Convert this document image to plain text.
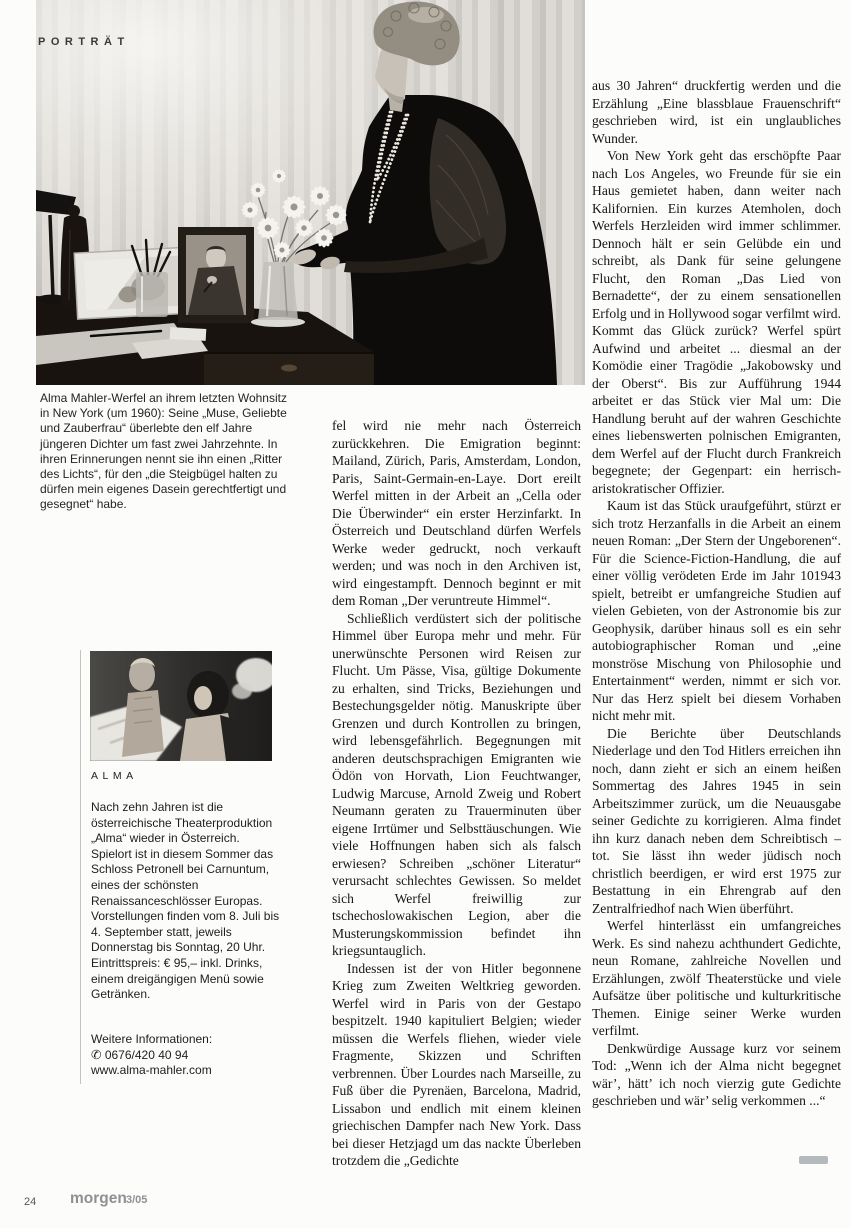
PORTRÄT
Alma Mahler-Werfel an ihrem letzten Wohnsitz in New York (um 1960): Seine „Muse, Geliebte und Zauberfrau“ überlebte den elf Jahre jüngeren Dichter um fast zwei Jahrzehnte. In ihren Erinnerungen nennt sie ihn einen „Ritter des Lichts“, für den „die Steigbügel halten zu dürfen mein eigenes Dasein gerechtfertigt und gesegnet“ habe.
ALMA

Nach zehn Jahren ist die österreichische Theaterproduktion „Alma“ wieder in Österreich. Spielort ist in diesem Sommer das Schloss Petronell bei Carnuntum, eines der schönsten Renaissanceschlösser Europas. Vorstellungen finden vom 8. Juli bis 4. September statt, jeweils Donnerstag bis Sonntag, 20 Uhr. Eintrittspreis: € 95,– inkl. Drinks, einem dreigängigen Menü sowie Getränken.

Weitere Informationen:
✆ 0676/420 40 94
www.alma-mahler.com

fel wird nie mehr nach Österreich zurückkehren. Die Emigration beginnt: Mailand, Zürich, Paris, Amsterdam, London, Paris, Saint-Germain-en-Laye. Dort ereilt Werfel mitten in der Arbeit an „Cella oder Die Überwinder“ ein erster Herzinfarkt. In Österreich und Deutschland dürfen Werfels Werke weder gedruckt, noch verkauft werden; und was noch in den Archiven ist, wird eingestampft. Dennoch beginnt er mit dem Roman „Der veruntreute Himmel“.

Schließlich verdüstert sich der politische Himmel über Europa mehr und mehr. Für unerwünschte Personen wird Reisen zur Flucht. Um Pässe, Visa, gültige Dokumente zu erhalten, sind Tricks, Beziehungen und Bestechungsgelder nötig. Manuskripte über Grenzen und durch Kontrollen zu bringen, wird lebensgefährlich. Begegnungen mit anderen deutschsprachigen Emigranten wie Ödön von Horvath, Lion Feuchtwanger, Ludwig Marcuse, Arnold Zweig und Robert Neumann geraten zu Trauerminuten über eigene Irrtümer und Selbsttäuschungen. Wie viele Hoffnungen haben sich als falsch erwiesen? Schreiben „schöner Literatur“ verursacht schlechtes Gewissen. So meldet sich Werfel freiwillig zur tschechoslowakischen Legion, aber die Musterungskommission befindet ihn kriegsuntauglich.

Indessen ist der von Hitler begonnene Krieg zum Zweiten Weltkrieg geworden. Werfel wird in Paris von der Gestapo bespitzelt. 1940 kapituliert Belgien; wieder müssen die Werfels fliehen, wieder viele Fragmente, Skizzen und Schriften verbrennen. Über Lourdes nach Marseille, zu Fuß über die Pyrenäen, Barcelona, Madrid, Lissabon und endlich mit einem kleinen griechischen Dampfer nach New York. Dass bei dieser Hetzjagd um das nackte Überleben trotzdem die „Gedichte

aus 30 Jahren“ druckfertig werden und die Erzählung „Eine blassblaue Frauenschrift“ geschrieben wird, ist ein unglaubliches Wunder.

Von New York geht das erschöpfte Paar nach Los Angeles, wo Freunde für sie ein Haus gemietet haben, dann weiter nach Kalifornien. Ein kurzes Atemholen, doch Werfels Herzleiden wird immer schlimmer. Dennoch hält er sein Gelübde ein und schreibt, als Dank für seine gelungene Flucht, den Roman „Das Lied von Bernadette“, der zu einem sensationellen Erfolg und in Hollywood sogar verfilmt wird. Kommt das Glück zurück? Werfel spürt Aufwind und arbeitet ... diesmal an der Komödie einer Tragödie „Jakobowsky und der Oberst“. Bis zur Aufführung 1944 arbeitet er das Stück vier Mal um: Die Handlung beruht auf der wahren Geschichte eines liebenswerten polnischen Emigranten, dem Werfel auf der Flucht durch Frankreich begegnete; der Gegenpart: ein herrisch-aristokratischer Offizier.

Kaum ist das Stück uraufgeführt, stürzt er sich trotz Herzanfalls in die Arbeit an einem neuen Roman: „Der Stern der Ungeborenen“. Für die Science-Fiction-Handlung, die auf einer völlig verödeten Erde im Jahr 101943 spielt, betreibt er umfangreiche Studien auf vielen Gebieten, von der Astronomie bis zur Geophysik, darüber hinaus soll es ein sehr autobiographischer Roman und „eine monströse Mischung von Philosophie und Entertainment“ werden, nimmt er sich vor. Nur das Herz spielt bei diesem Vorhaben nicht mehr mit.

Die Berichte über Deutschlands Niederlage und den Tod Hitlers erreichen ihn noch, dann zieht er sich an einem heißen Sommertag des Jahres 1945 in sein Arbeitszimmer zurück, um die Neuausgabe seiner Gedichte zu korrigieren. Alma findet ihn kurz danach neben dem Schreibtisch – tot. Sie lässt ihn weder jüdisch noch christlich beerdigen, er wird erst 1975 zur Bestattung in ein Ehrengrab auf den Zentralfriedhof nach Wien überführt.

Werfel hinterlässt ein umfangreiches Werk. Es sind nahezu achthundert Gedichte, neun Romane, zahlreiche Novellen und Erzählungen, zwölf Theaterstücke und viele Aufsätze über politische und kulturkritische Themen. Einige seiner Werke wurden verfilmt.

Denkwürdige Aussage kurz vor seinem Tod: „Wenn ich der Alma nicht begegnet wär’, hätt’ ich noch vierzig gute Gedichte geschrieben und wär’ selig verkommen ...“

24 morgen 3/05
